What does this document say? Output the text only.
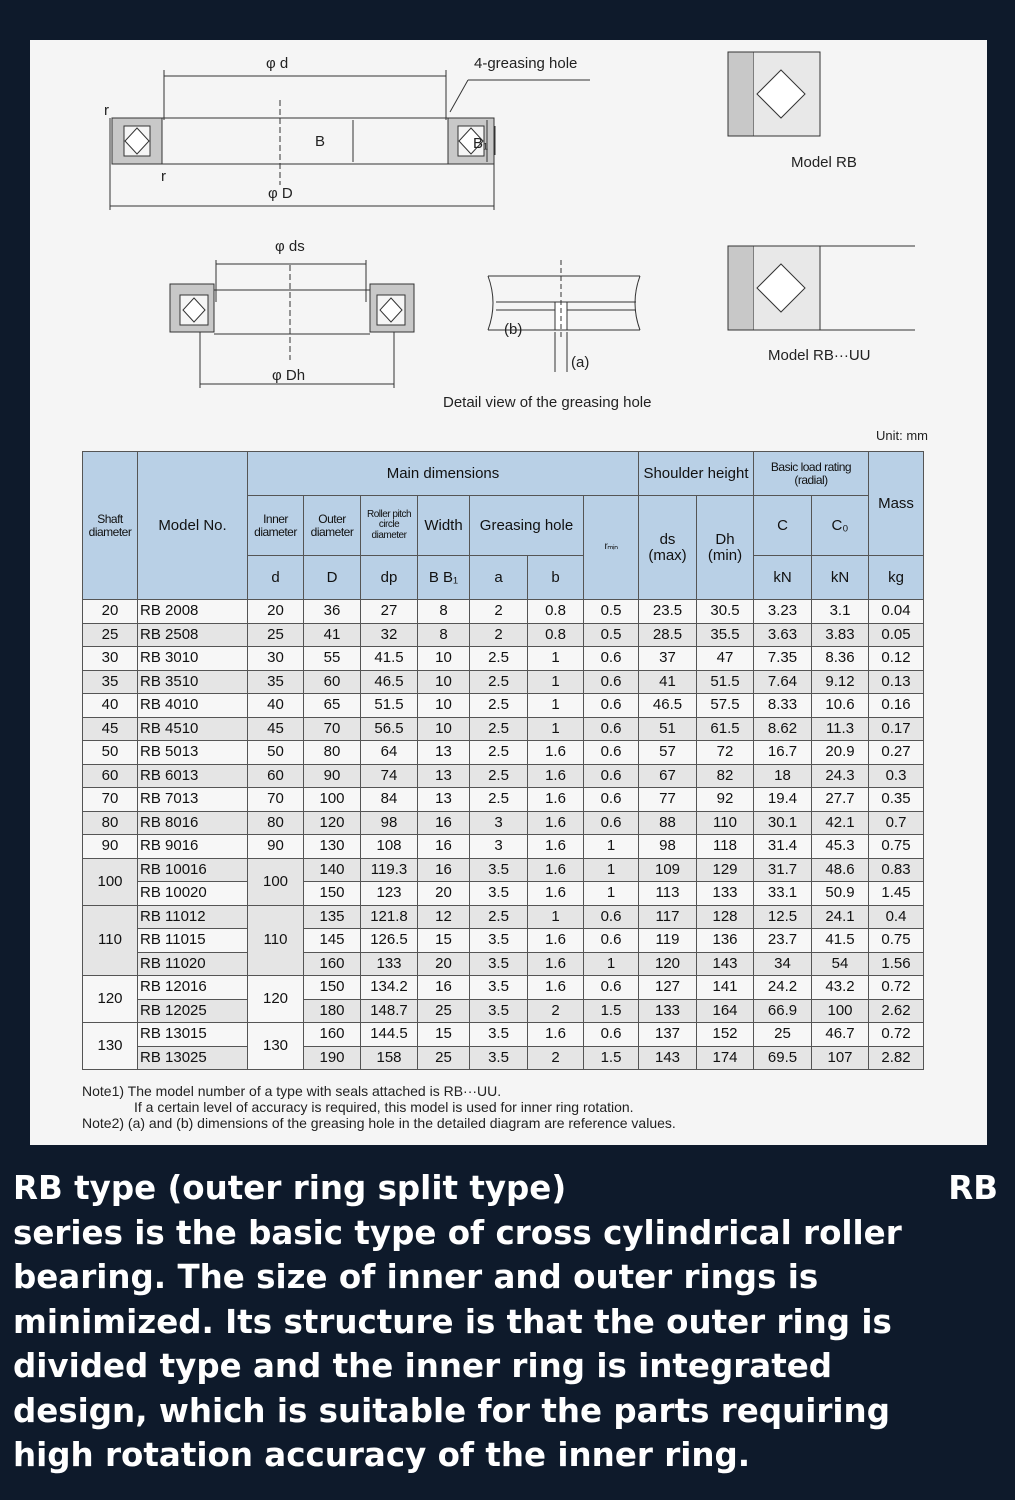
φ d	4-greasing hole
r
r
B	B₁
φ D
φ ds
φ Dh
(b)
(a)
Detail view of the greasing hole
Model RB
Model RB···UU
Unit: mm
Shaft diameter	Model No.	Main dimensions							Shoulder height		Basic load rating (radial)		Mass
		Inner diameter	Outer diameter	Roller pitch circle diameter	Width	Greasing hole		rₘᵢₙ	ds (max)	Dh (min)	C	C₀	
		d	D	dp	B B₁	a	b				kN	kN	kg
20	RB 2008	20	36	27	8	2	0.8	0.5	23.5	30.5	3.23	3.1	0.04
25	RB 2508	25	41	32	8	2	0.8	0.5	28.5	35.5	3.63	3.83	0.05
30	RB 3010	30	55	41.5	10	2.5	1	0.6	37	47	7.35	8.36	0.12
35	RB 3510	35	60	46.5	10	2.5	1	0.6	41	51.5	7.64	9.12	0.13
40	RB 4010	40	65	51.5	10	2.5	1	0.6	46.5	57.5	8.33	10.6	0.16
45	RB 4510	45	70	56.5	10	2.5	1	0.6	51	61.5	8.62	11.3	0.17
50	RB 5013	50	80	64	13	2.5	1.6	0.6	57	72	16.7	20.9	0.27
60	RB 6013	60	90	74	13	2.5	1.6	0.6	67	82	18	24.3	0.3
70	RB 7013	70	100	84	13	2.5	1.6	0.6	77	92	19.4	27.7	0.35
80	RB 8016	80	120	98	16	3	1.6	0.6	88	110	30.1	42.1	0.7
90	RB 9016	90	130	108	16	3	1.6	1	98	118	31.4	45.3	0.75
100	RB 10016	100	140	119.3	16	3.5	1.6	1	109	129	31.7	48.6	0.83
	RB 10020		150	123	20	3.5	1.6	1	113	133	33.1	50.9	1.45
110	RB 11012	110	135	121.8	12	2.5	1	0.6	117	128	12.5	24.1	0.4
	RB 11015		145	126.5	15	3.5	1.6	0.6	119	136	23.7	41.5	0.75
	RB 11020		160	133	20	3.5	1.6	1	120	143	34	54	1.56
120	RB 12016	120	150	134.2	16	3.5	1.6	0.6	127	141	24.2	43.2	0.72
	RB 12025		180	148.7	25	3.5	2	1.5	133	164	66.9	100	2.62
130	RB 13015	130	160	144.5	15	3.5	1.6	0.6	137	152	25	46.7	0.72
	RB 13025		190	158	25	3.5	2	1.5	143	174	69.5	107	2.82
Note1) The model number of a type with seals attached is RB···UU.
If a certain level of accuracy is required, this model is used for inner ring rotation.
Note2) (a) and (b) dimensions of the greasing hole in the detailed diagram are reference values.
RB
RB type (outer ring split type)
series is the basic type of cross cylindrical roller
bearing. The size of inner and outer rings is
minimized. Its structure is that the outer ring is
divided type and the inner ring is integrated
design, which is suitable for the parts requiring
high rotation accuracy of the inner ring.
